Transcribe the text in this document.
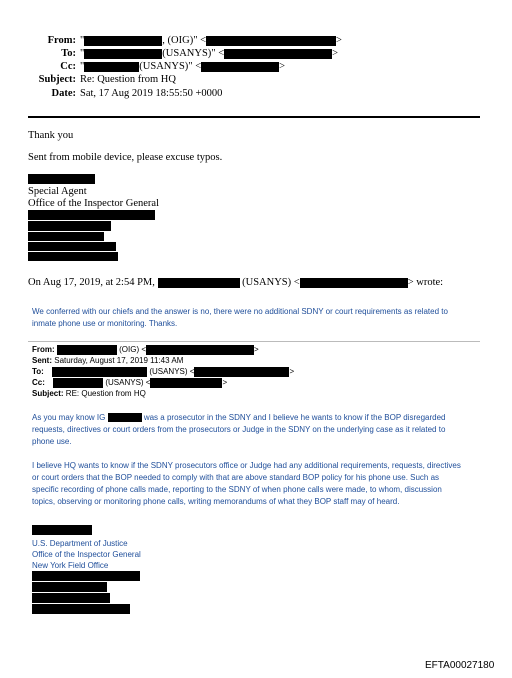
From: "	, (OIG)" <	>
To: "	(USANYS)" <	>
Cc: "	(USANYS)" <	>
Subject: Re: Question from HQ
Date: Sat, 17 Aug 2019 18:55:50 +0000
Thank you
Sent from mobile device, please excuse typos.
Special Agent
Office of the Inspector General
On Aug 17, 2019, at 2:54 PM,	(USANYS) <	> wrote:
We conferred with our chiefs and the answer is no, there were no additional SDNY or court requirements as related to
inmate phone use or monitoring. Thanks.
From:	(OIG) <	>
Sent: Saturday, August 17, 2019 11:43 AM
To:	(USANYS) <	>
Cc:	(USANYS) <	>
Subject: RE: Question from HQ
As you may know IG	was a prosecutor in the SDNY and I believe he wants to know if the BOP disregarded
requests, directives or court orders from the prosecutors or Judge in the SDNY on the underlying case as it related to
phone use.
I believe HQ wants to know if the SDNY prosecutors office or Judge had any additional requirements, requests, directives
or court orders that the BOP needed to comply with that are above standard BOP policy for his phone use. Such as
specific recording of phone calls made, reporting to the SDNY of when phone calls were made, to whom, discussion
topics, observing or monitoring phone calls, writing memorandums of what they BOP staff may of heard.
U.S. Department of Justice
Office of the Inspector General
New York Field Office
EFTA00027180
